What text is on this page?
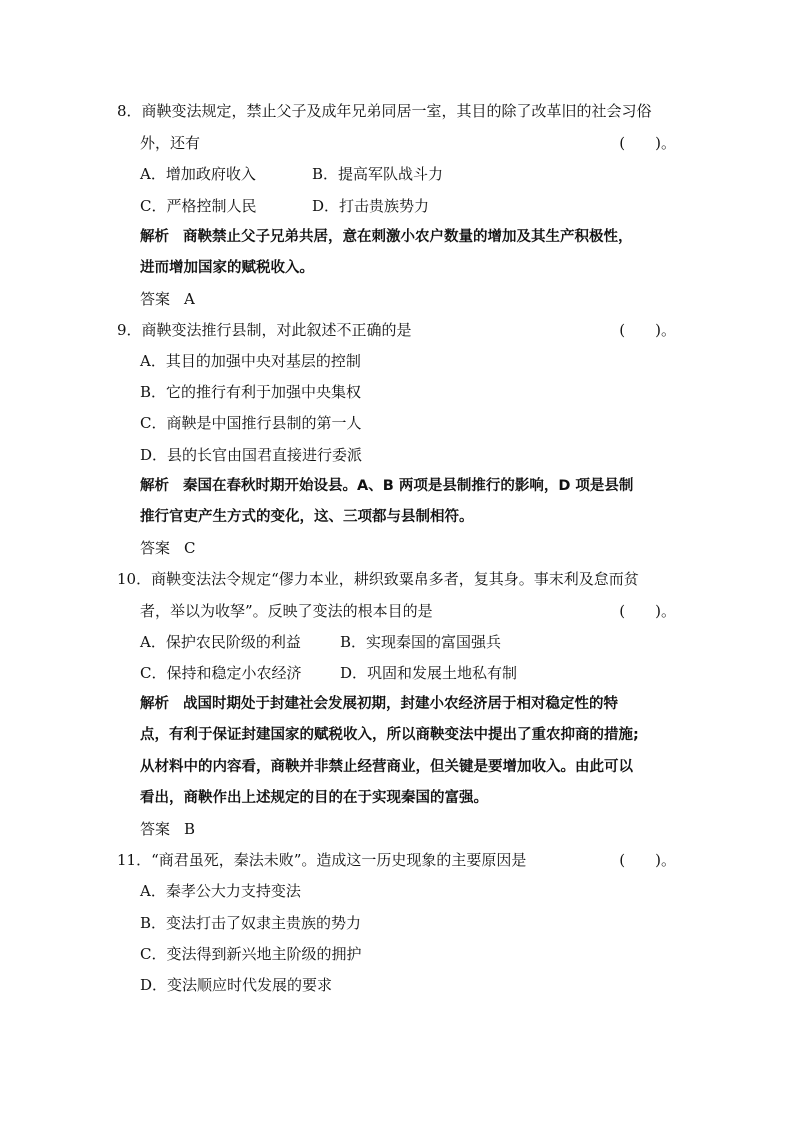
8．商鞅变法规定，禁止父子及成年兄弟同居一室，其目的除了改革旧的社会习俗
外，还有	(　　)。
A．增加政府收入	B．提高军队战斗力
C．严格控制人民	D．打击贵族势力
解析 商鞅禁止父子兄弟共居，意在刺激小农户数量的增加及其生产积极性，
进而增加国家的赋税收入。
答案 A
9．商鞅变法推行县制，对此叙述不正确的是	(　　)。
A．其目的加强中央对基层的控制
B．它的推行有利于加强中央集权
C．商鞅是中国推行县制的第一人
D．县的长官由国君直接进行委派
解析 秦国在春秋时期开始设县。A、B 两项是县制推行的影响，D 项是县制
推行官吏产生方式的变化，这、三项都与县制相符。
答案 C
10．商鞅变法法令规定“僇力本业，耕织致粟帛多者，复其身。事末利及怠而贫
者，举以为收孥”。反映了变法的根本目的是	(　　)。
A．保护农民阶级的利益	B．实现秦国的富国强兵
C．保持和稳定小农经济	D．巩固和发展土地私有制
解析 战国时期处于封建社会发展初期，封建小农经济居于相对稳定性的特
点，有利于保证封建国家的赋税收入，所以商鞅变法中提出了重农抑商的措施;
从材料中的内容看，商鞅并非禁止经营商业，但关键是要增加收入。由此可以
看出，商鞅作出上述规定的目的在于实现秦国的富强。
答案 B
11．“商君虽死，秦法未败”。造成这一历史现象的主要原因是	(　　)。
A．秦孝公大力支持变法
B．变法打击了奴隶主贵族的势力
C．变法得到新兴地主阶级的拥护
D．变法顺应时代发展的要求
